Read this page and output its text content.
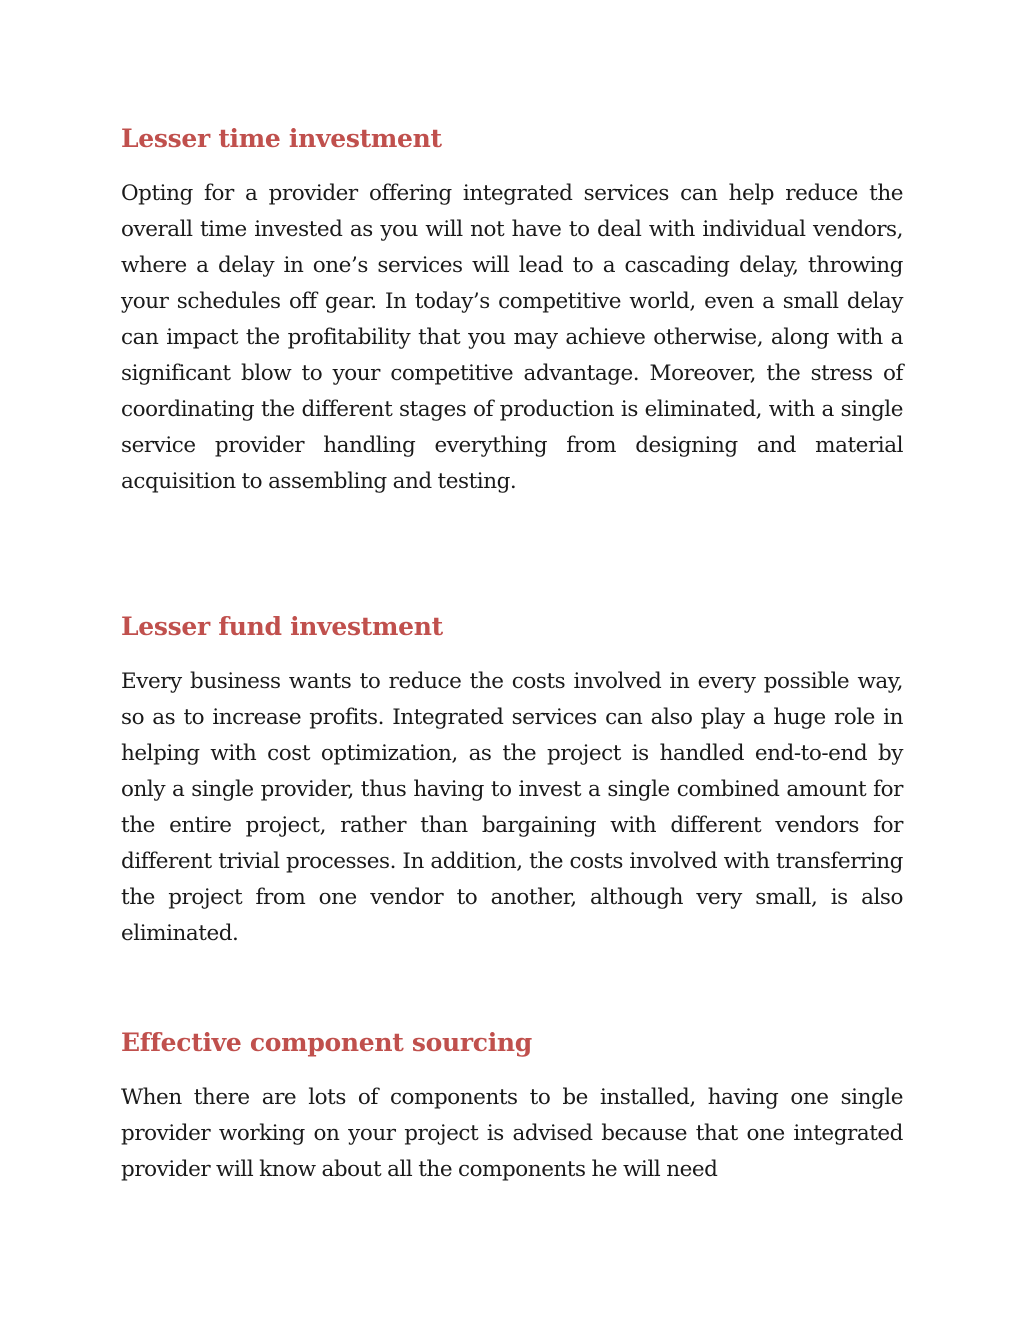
Lesser time investment

Opting for a provider offering integrated services can help reduce the overall time invested as you will not have to deal with individual vendors, where a delay in one’s services will lead to a cascading delay, throwing your schedules off gear. In today’s competitive world, even a small delay can impact the profitability that you may achieve otherwise, along with a significant blow to your competitive advantage. Moreover, the stress of coordinating the different stages of production is eliminated, with a single service provider handling everything from designing and material acquisition to assembling and testing.

Lesser fund investment

Every business wants to reduce the costs involved in every possible way, so as to increase profits. Integrated services can also play a huge role in helping with cost optimization, as the project is handled end-to-end by only a single provider, thus having to invest a single combined amount for the entire project, rather than bargaining with different vendors for different trivial processes. In addition, the costs involved with transferring the project from one vendor to another, although very small, is also eliminated.

Effective component sourcing

When there are lots of components to be installed, having one single provider working on your project is advised because that one integrated provider will know about all the components he will need
